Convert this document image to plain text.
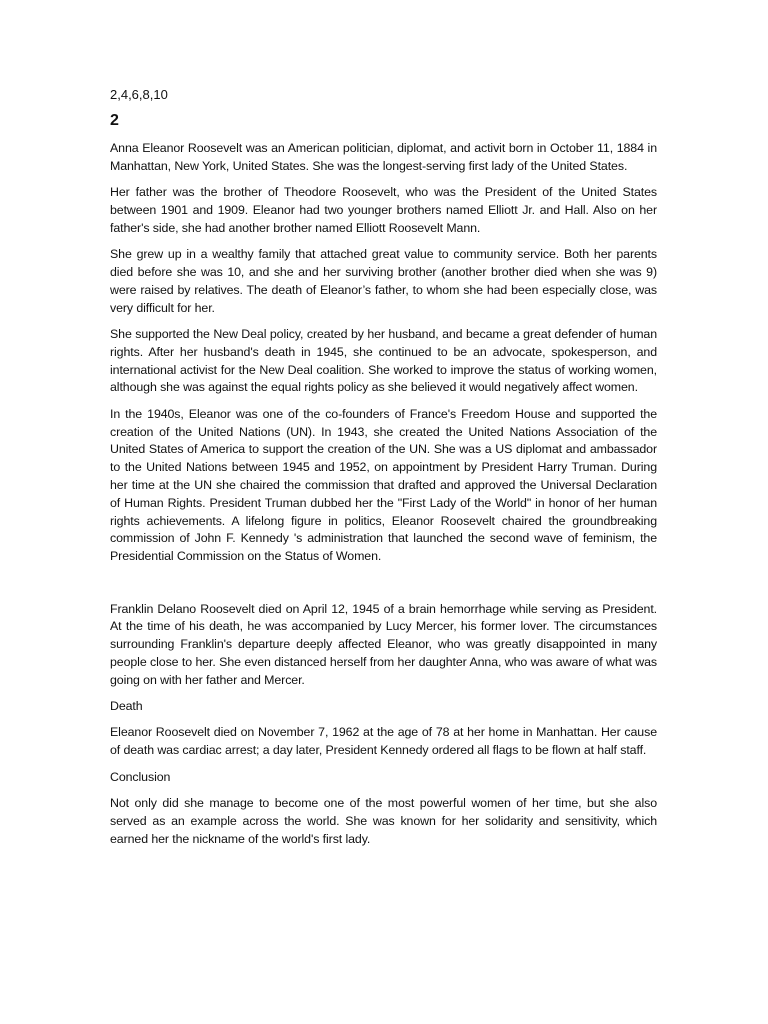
2,4,6,8,10
2

Anna Eleanor Roosevelt was an American politician, diplomat, and activit born in October 11, 1884 in Manhattan, New York, United States. She was the longest-serving first lady of the United States.

Her father was the brother of Theodore Roosevelt, who was the President of the United States between 1901 and 1909. Eleanor had two younger brothers named Elliott Jr. and Hall. Also on her father's side, she had another brother named Elliott Roosevelt Mann.

She grew up in a wealthy family that attached great value to community service. Both her parents died before she was 10, and she and her surviving brother (another brother died when she was 9) were raised by relatives. The death of Eleanor’s father, to whom she had been especially close, was very difficult for her.

She supported the New Deal policy, created by her husband, and became a great defender of human rights. After her husband's death in 1945, she continued to be an advocate, spokesperson, and international activist for the New Deal coalition. She worked to improve the status of working women, although she was against the equal rights policy as she believed it would negatively affect women.

In the 1940s, Eleanor was one of the co-founders of France's Freedom House and supported the creation of the United Nations (UN). In 1943, she created the United Nations Association of the United States of America to support the creation of the UN. She was a US diplomat and ambassador to the United Nations between 1945 and 1952, on appointment by President Harry Truman. During her time at the UN she chaired the commission that drafted and approved the Universal Declaration of Human Rights. President Truman dubbed her the "First Lady of the World" in honor of her human rights achievements. A lifelong figure in politics, Eleanor Roosevelt chaired the groundbreaking commission of John F. Kennedy 's administration that launched the second wave of feminism, the Presidential Commission on the Status of Women.

Franklin Delano Roosevelt died on April 12, 1945 of a brain hemorrhage while serving as President. At the time of his death, he was accompanied by Lucy Mercer, his former lover. The circumstances surrounding Franklin's departure deeply affected Eleanor, who was greatly disappointed in many people close to her. She even distanced herself from her daughter Anna, who was aware of what was going on with her father and Mercer.

Death

Eleanor Roosevelt died on November 7, 1962 at the age of 78 at her home in Manhattan. Her cause of death was cardiac arrest; a day later, President Kennedy ordered all flags to be flown at half staff.

Conclusion

Not only did she manage to become one of the most powerful women of her time, but she also served as an example across the world. She was known for her solidarity and sensitivity, which earned her the nickname of the world's first lady.
